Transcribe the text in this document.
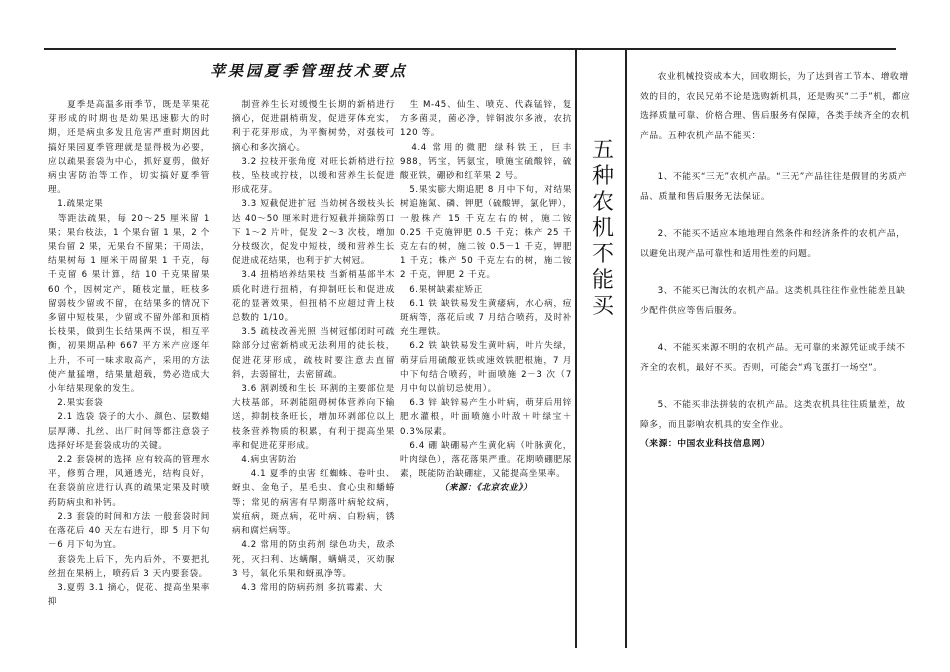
苹果园夏季管理技术要点

　　夏季是高温多雨季节，既是苹果花芽形成的时期也是幼果迅速膨大的时期，还是病虫多发且危害严重时期因此搞好果园夏季管理就是显得极为必要，应以疏果套袋为中心，抓好夏剪，做好病虫害防治等工作，切实搞好夏季管理。

　1.疏果定果

　等距法疏果，每 20～25 厘米留 1 果；果台枝法，1 个果台留 1 果，2 个果台留 2 果，无果台不留果；干周法，结果树每 1 厘米干周留果 1 千克，每千克留 6 果计算，结 10 千克果留果 60 个，因树定产，随枝定量，旺枝多留弱枝少留或不留，在结果多的情况下多留中短枝果，少留或不留外部和顶梢长枝果，做到生长结果两不误，相互平衡，初果期品种 667 平方米产应逐年上升，不可一味求取高产，采用的方法使产量猛增，结果量超载，势必造成大小年结果现象的发生。

　2.果实套袋

　2.1 选袋 袋子的大小、颜色、层数蜡层厚薄、扎丝、出厂时间等都注意袋子选择好坏是套袋成功的关键。

　2.2 套袋树的选择 应有较高的管理水平，修剪合理，风通透光，结构良好，在套袋前应进行认真的疏果定果及时喷药防病虫和补钙。

　2.3 套袋的时间和方法 一般套袋时间在落花后 40 天左右进行，即 5 月下旬－6 月下旬为宜。

　套袋先上后下，先内后外，不要把扎丝扭在果柄上，喷药后 3 天内要套袋。

　3.夏剪 3.1 摘心，促花、提高坐果率抑

　制营养生长对缓慢生长期的新梢进行摘心，促进副梢萌发，促进芽体充实，利于花芽形成，为平衡树势，对强枝可摘心和多次摘心。

　3.2 拉枝开张角度 对旺长新梢进行拉枝，坠枝或拧枝，以缓和营养生长促进形成花芽。

　3.3 短截促进扩冠 当幼树各级枝头长达 40～50 厘米时进行短截并摘除剪口下 1～2 片叶，促发 2～3 次枝，增加分枝级次，促发中短枝，缓和营养生长促进成花结果，也利于扩大树冠。

　3.4 扭梢培养结果枝 当新梢基部半木质化时进行扭梢，有抑制旺长和促进成花的显著效果，但扭梢不应超过背上枝总数的 1/10。

　3.5 疏枝改善光照 当树冠郁闭时可疏除部分过密新梢或无法利用的徒长枝，促进花芽形成，疏枝时要注意去直留斜，去弱留壮，去密留疏。

　3.6 割剥缓和生长 环割的主要部位是大枝基部，环剥能阻碍树体营养向下输送，抑制枝条旺长，增加环剥部位以上枝条营养物质的积累，有利于提高坐果率和促进花芽形成。

　4.病虫害防治

　　4.1 夏季的虫害 红蜘蛛、卷叶虫、蚜虫、金龟子，星毛虫、食心虫和蟠蝽等；常见的病害有早期落叶病轮纹病，炭疽病，斑点病，花叶病、白粉病，锈病和腐烂病等。

　4.2 常用的防虫药剂 绿色功夫，敌杀死，灭扫利、达螨酮，螨螨灵，灭幼脲 3 号，氧化乐果和蚜虱净等。

　4.3 常用的防病药剂 多抗霉素、大

　生 M-45、仙生、喷克、代森锰锌，复方多菌灵，菌必净，锌铜波尔多液，农抗 120 等。

　4.4 常用的微肥 绿科铁王，巨丰 988，钙宝，钙氨宝，喷施宝硫酸锌，硫酸亚铁，硼砂和红苹果 2 号。

　5.果实膨大期追肥 8 月中下旬，对结果树追施氮、磷、钾肥（硫酸钾，氯化钾），一般株产 15 千克左右的树，施二铵 0.25 千克施钾肥 0.5 千克；株产 25 千克左右的树，施二铵 0.5－1 千克，钾肥 1 千克；株产 50 千克左右的树，施二铵 2 千克，钾肥 2 千克。

　6.果树缺素症矫正

　6.1 铁 缺铁易发生黄痿病，水心病，痘斑病等，落花后或 7 月结合喷药，及时补充生理铁。

　6.2 铁 缺铁易发生黄叶病，叶片失绿，萌芽后用硫酸亚铁或速效铁肥根施，7 月中下旬结合喷药，叶面喷施 2－3 次（7 月中旬以前切忌使用）。

　6.3 锌 缺锌易产生小叶病，萌芽后用锌肥水灌根，叶面喷施小叶敌＋叶绿宝＋0.3%尿素。

　6.4 硼 缺硼易产生黄化病（叶脉黄化，叶肉绿色），落花落果严重。花期喷硼肥尿素，既能防治缺硼症，又能提高坐果率。

（来源：《北京农业》）

五
种
农
机
不
能
买

农业机械投资成本大，回收期长，为了达到省工节本、增收增效的目的，农民兄弟不论是选购新机具，还是购买“二手”机，都应选择质量可靠、价格合理、售后服务有保障，各类手续齐全的农机产品。五种农机产品不能买：

1、不能买“三无”农机产品。“三无”产品往往是假冒的劣质产品、质量和售后服务无法保证。

2、不能买不适应本地地理自然条件和经济条件的农机产品，以避免出现产品可靠性和适用性差的问题。

3、不能买已淘汰的农机产品。这类机具往往作业性能差且缺少配件供应等售后服务。

4、不能买来源不明的农机产品。无可靠的来源凭证或手续不齐全的农机，最好不买。否则，可能会“鸡飞蛋打一场空”。

5、不能买非法拼装的农机产品。这类农机具往往质量差，故障多，而且影响农机具的安全作业。（来源：中国农业科技信息网）
